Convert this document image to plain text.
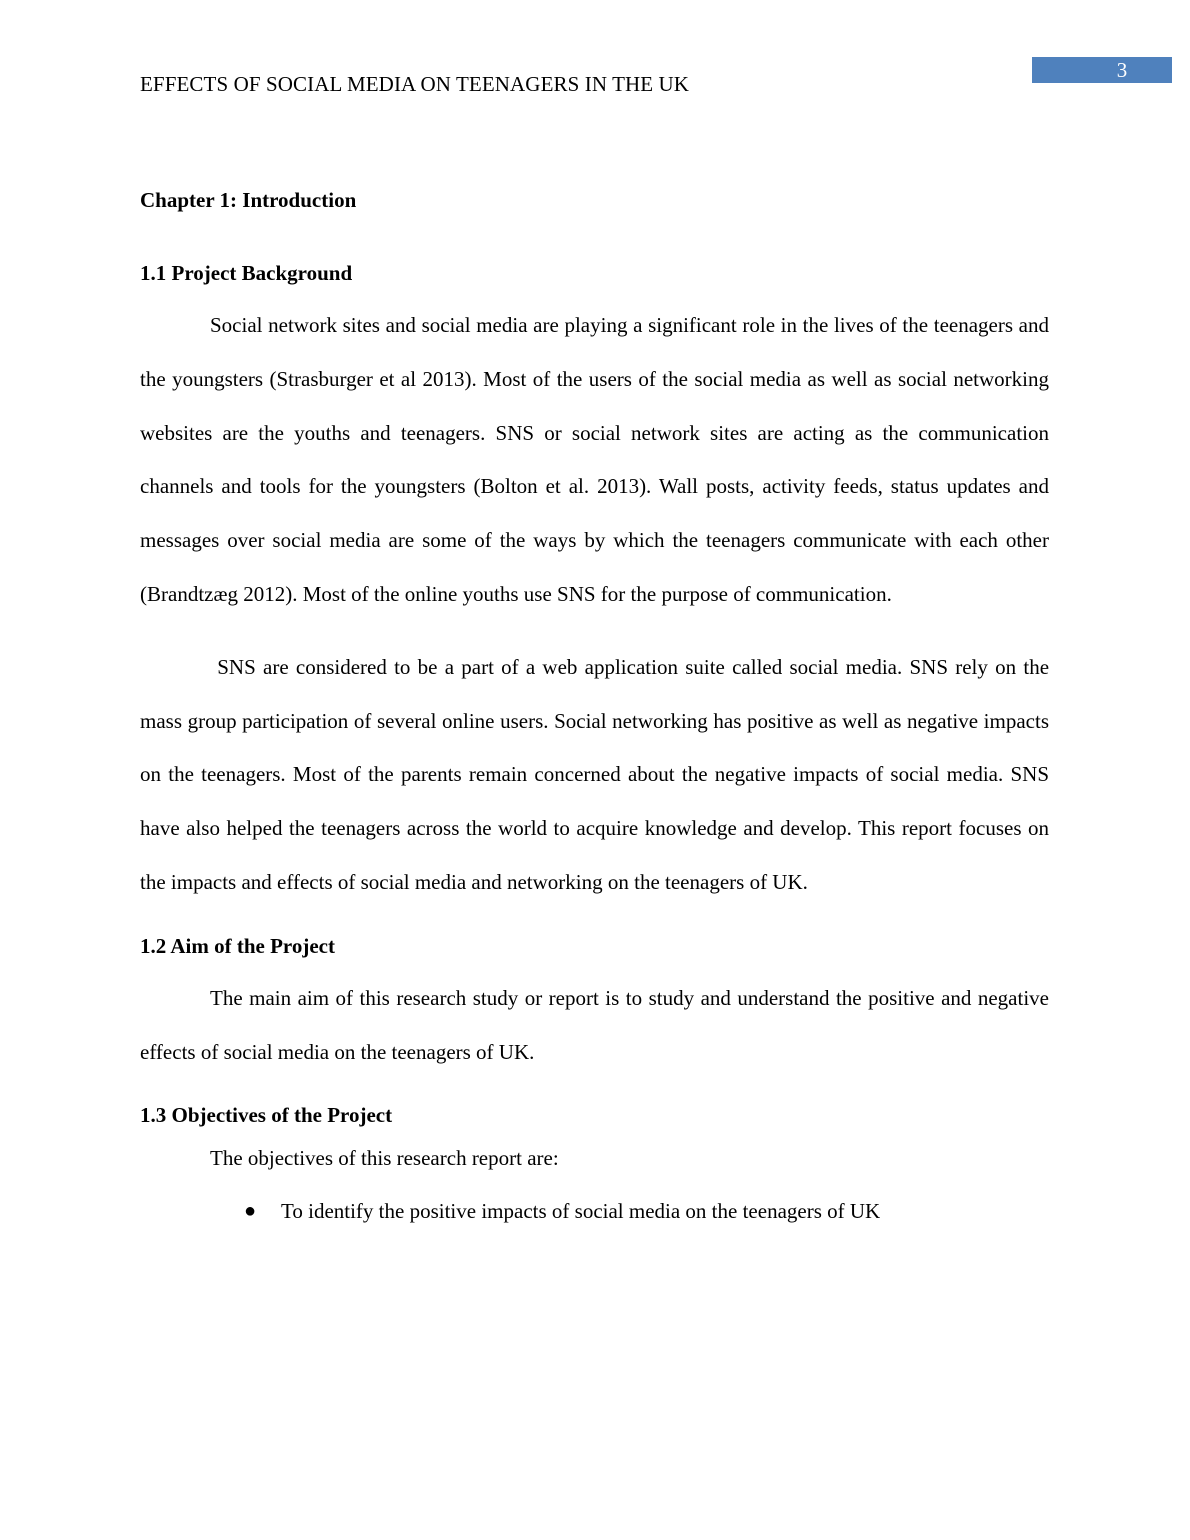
3
EFFECTS OF SOCIAL MEDIA ON TEENAGERS IN THE UK
Chapter 1: Introduction
1.1 Project Background

Social network sites and social media are playing a significant role in the lives of the teenagers and the youngsters (Strasburger et al 2013). Most of the users of the social media as well as social networking websites are the youths and teenagers. SNS or social network sites are acting as the communication channels and tools for the youngsters (Bolton et al. 2013). Wall posts, activity feeds, status updates and messages over social media are some of the ways by which the teenagers communicate with each other (Brandtzæg 2012). Most of the online youths use SNS for the purpose of communication.

SNS are considered to be a part of a web application suite called social media. SNS rely on the mass group participation of several online users. Social networking has positive as well as negative impacts on the teenagers. Most of the parents remain concerned about the negative impacts of social media. SNS have also helped the teenagers across the world to acquire knowledge and develop. This report focuses on the impacts and effects of social media and networking on the teenagers of UK.

1.2 Aim of the Project

The main aim of this research study or report is to study and understand the positive and negative effects of social media on the teenagers of UK.

1.3 Objectives of the Project

The objectives of this research report are:

● To identify the positive impacts of social media on the teenagers of UK
